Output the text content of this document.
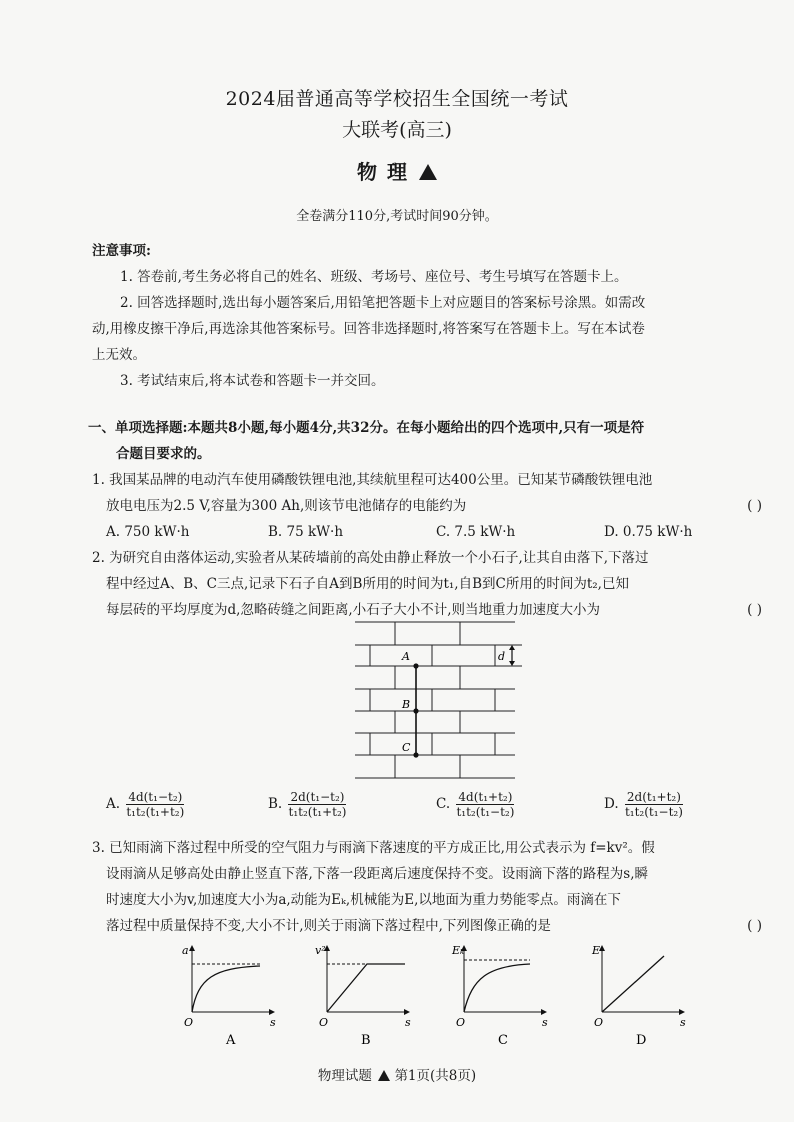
2024届普通高等学校招生全国统一考试
大联考(高三)
物理
全卷满分110分,考试时间90分钟。
注意事项:
1. 答卷前,考生务必将自己的姓名、班级、考场号、座位号、考生号填写在答题卡上。
2. 回答选择题时,选出每小题答案后,用铅笔把答题卡上对应题目的答案标号涂黑。如需改
动,用橡皮擦干净后,再选涂其他答案标号。回答非选择题时,将答案写在答题卡上。写在本试卷
上无效。
3. 考试结束后,将本试卷和答题卡一并交回。
一、单项选择题:本题共8小题,每小题4分,共32分。在每小题给出的四个选项中,只有一项是符
合题目要求的。
1. 我国某品牌的电动汽车使用磷酸铁锂电池,其续航里程可达400公里。已知某节磷酸铁锂电池
放电电压为2.5 V,容量为300 Ah,则该节电池储存的电能约为	( )
A. 750 kW·h	B. 75 kW·h	C. 7.5 kW·h	D. 0.75 kW·h
2. 为研究自由落体运动,实验者从某砖墙前的高处由静止释放一个小石子,让其自由落下,下落过
程中经过A、B、C三点,记录下石子自A到B所用的时间为t₁,自B到C所用的时间为t₂,已知
每层砖的平均厚度为d,忽略砖缝之间距离,小石子大小不计,则当地重力加速度大小为	( )
A
B
C
d
A. $\frac{\text{4d(t₁−t₂)}}{\text{t₁t₂(t₁+t₂)}}$	B. $\frac{\text{2d(t₁−t₂)}}{\text{t₁t₂(t₁+t₂)}}$	C. $\frac{\text{4d(t₁+t₂)}}{\text{t₁t₂(t₁−t₂)}}$	D. $\frac{\text{2d(t₁+t₂)}}{\text{t₁t₂(t₁−t₂)}}$
3. 已知雨滴下落过程中所受的空气阻力与雨滴下落速度的平方成正比,用公式表示为 f=kv²。假
设雨滴从足够高处由静止竖直下落,下落一段距离后速度保持不变。设雨滴下落的路程为s,瞬
时速度大小为v,加速度大小为a,动能为Eₖ,机械能为E,以地面为重力势能零点。雨滴在下
落过程中质量保持不变,大小不计,则关于雨滴下落过程中,下列图像正确的是	( )
a
s
O
A
v²
s
O
B
Eₖ
s
O
C
E
s
O
D
物理试题 第1页(共8页)
